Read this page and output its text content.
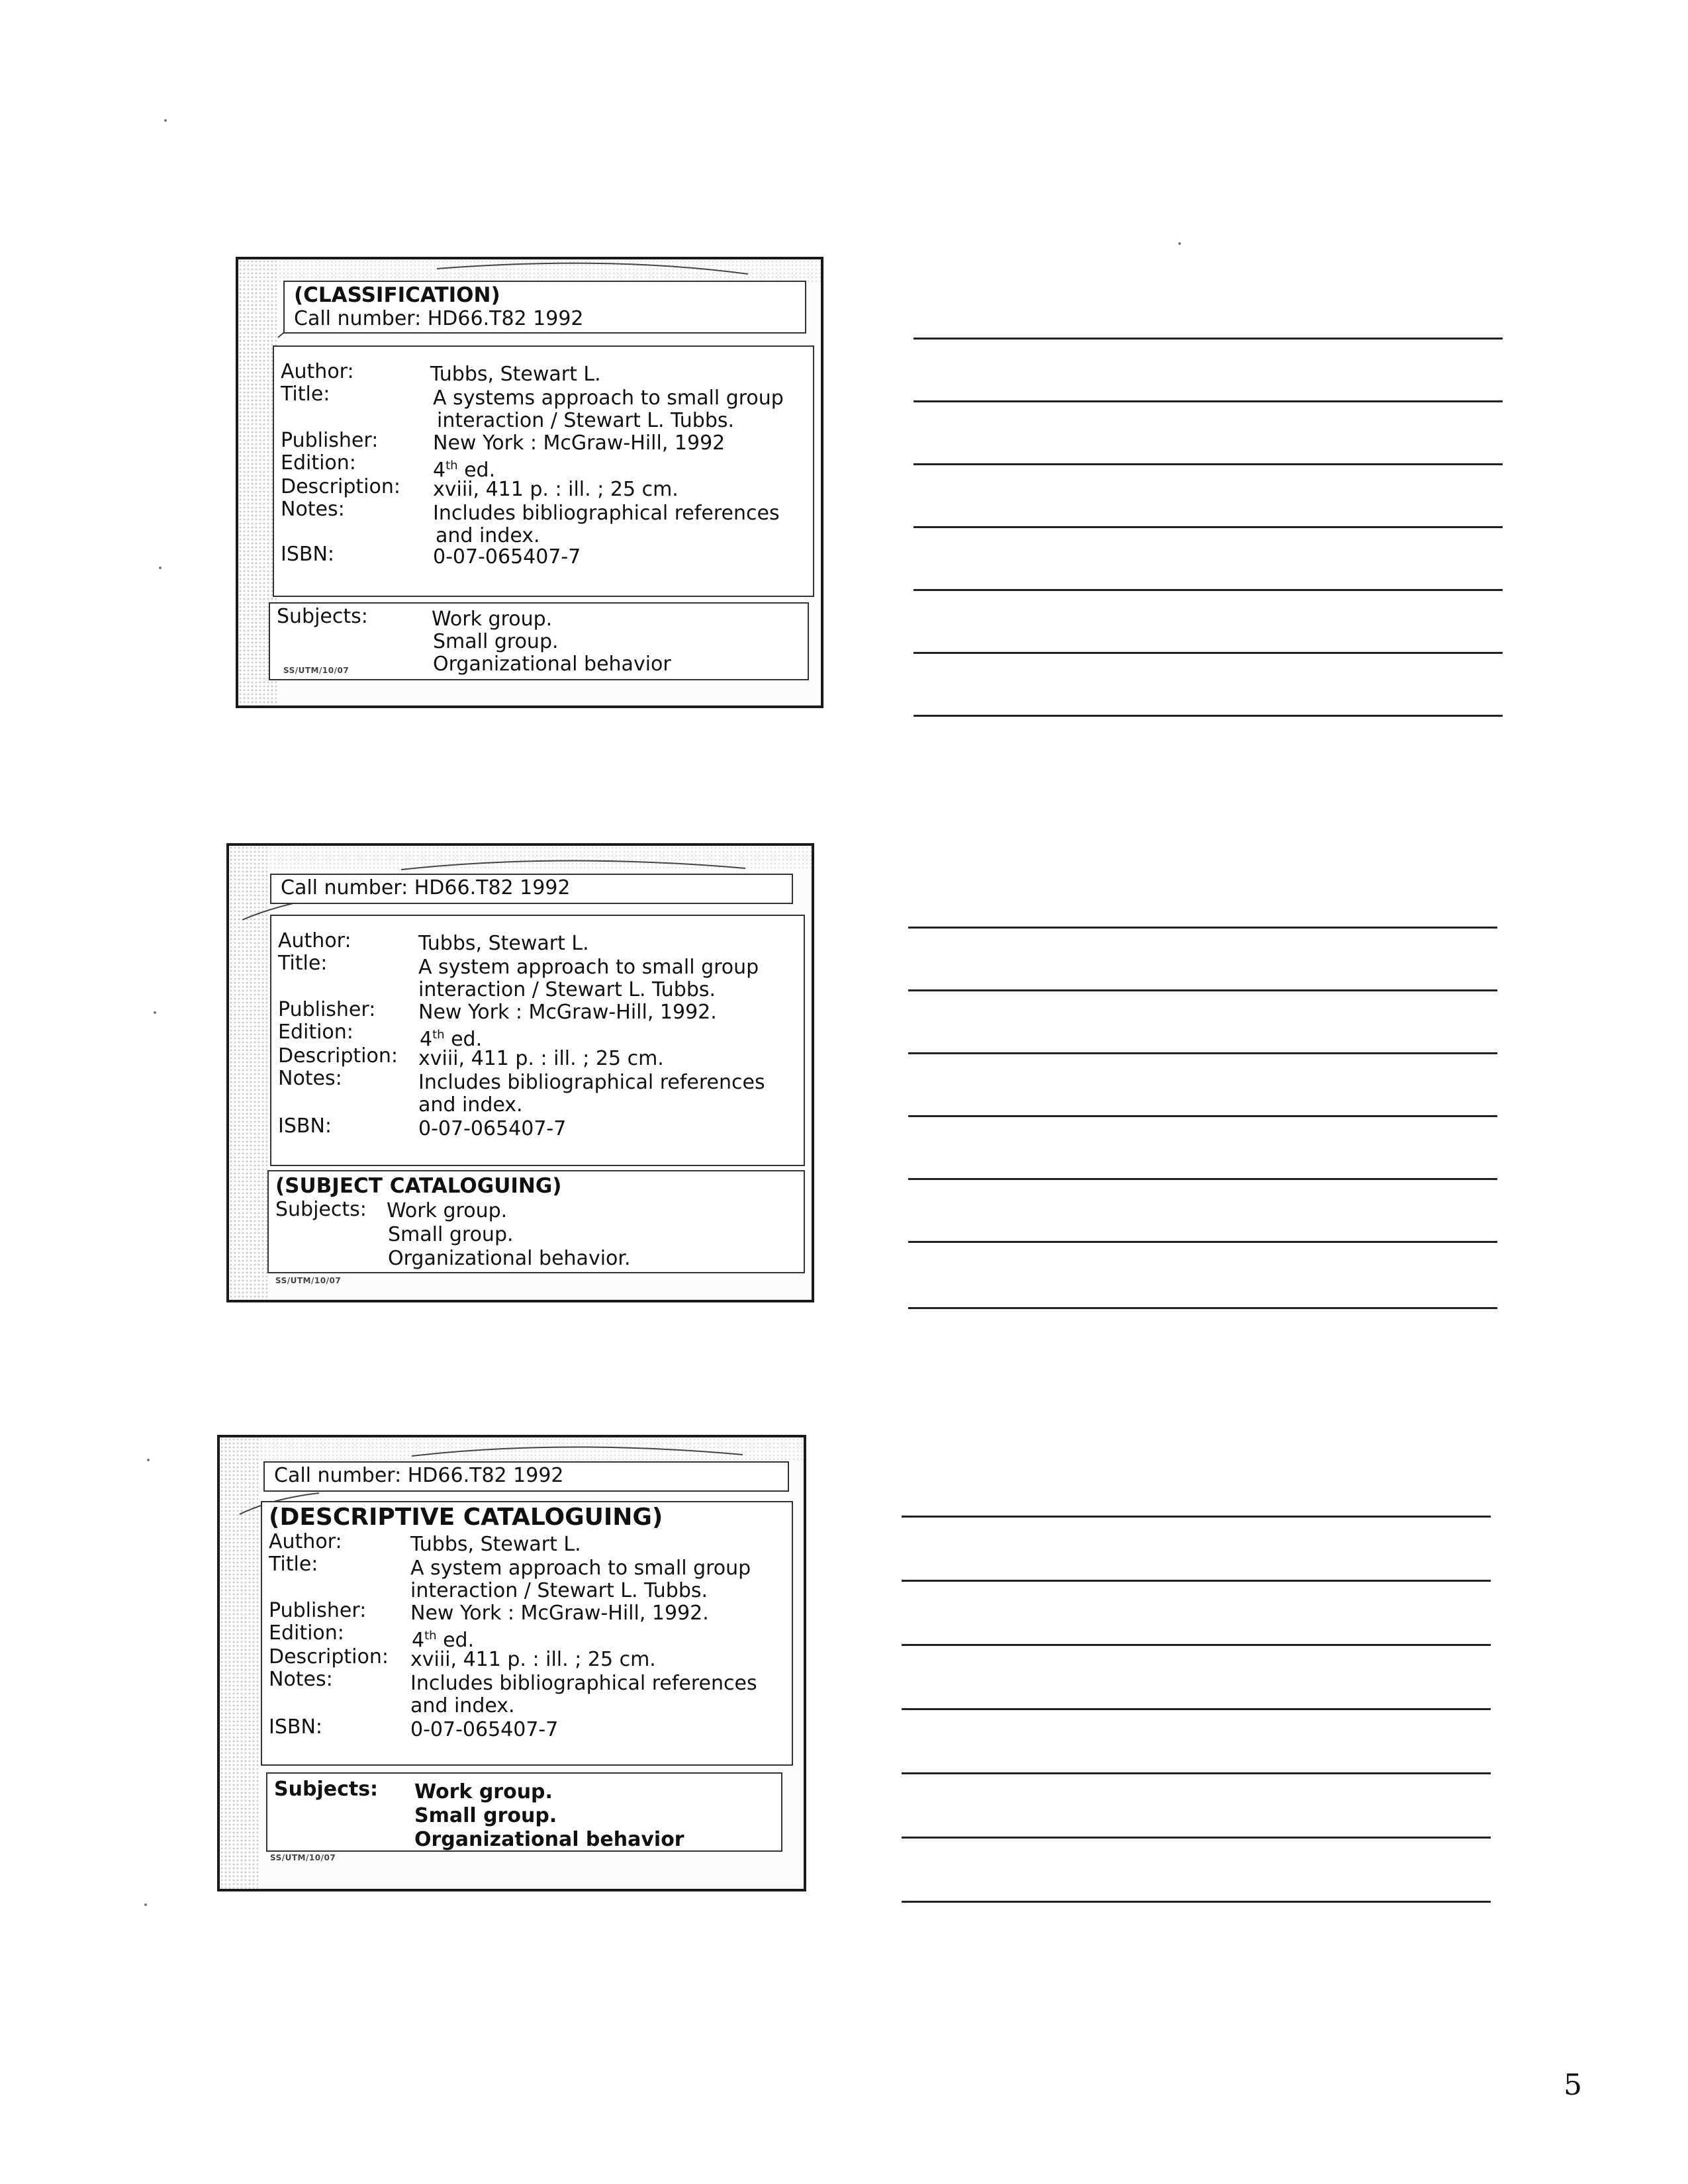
(CLASSIFICATION)
Call number: HD66.T82 1992
Author:	Tubbs, Stewart L.
Title:	A systems approach to small group
interaction / Stewart L. Tubbs.
Publisher:	New York : McGraw-Hill, 1992
Edition:	4th ed.
Description: xviii, 411 p. : ill. ; 25 cm.
Notes:	Includes bibliographical references
and index.
ISBN:	0-07-065407-7
Subjects:	Work group.
Small group.
Organizational behavior
SS/UTM/10/07
Call number: HD66.T82 1992
Author:	Tubbs, Stewart L.
Title:	A system approach to small group
interaction / Stewart L. Tubbs.
Publisher: New York : McGraw-Hill, 1992.
Edition:	4th ed.
Description: xviii, 411 p. : ill. ; 25 cm.
Notes:	Includes bibliographical references
and index.
ISBN:	0-07-065407-7
(SUBJECT CATALOGUING)
Subjects: Work group.
Small group.
Organizational behavior.
SS/UTM/10/07
Call number: HD66.T82 1992
(DESCRIPTIVE CATALOGUING)
Author:	Tubbs, Stewart L.
Title:	A system approach to small group
interaction / Stewart L. Tubbs.
Publisher: New York : McGraw-Hill, 1992.
Edition:	4th ed.
Description: xviii, 411 p. : ill. ; 25 cm.
Notes:	Includes bibliographical references
and index.
ISBN:	0-07-065407-7
Subjects: Work group.
Small group.
Organizational behavior
SS/UTM/10/07
5
